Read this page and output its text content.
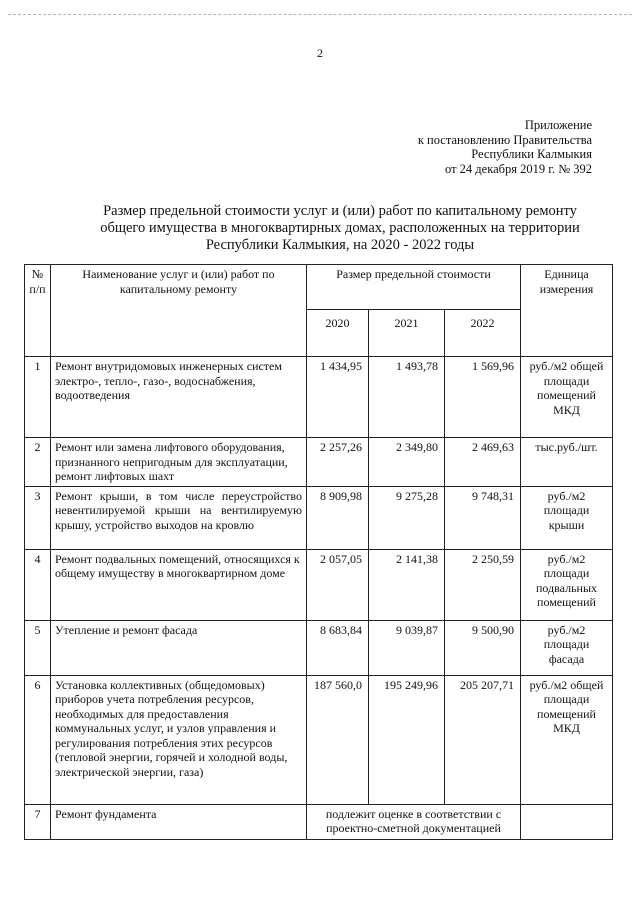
2
Приложение
к постановлению Правительства
Республики Калмыкия
от 24 декабря 2019 г. № 392
Размер предельной стоимости услуг и (или) работ по капитальному ремонту
общего имущества в многоквартирных домах, расположенных на территории
Республики Калмыкия, на 2020 - 2022 годы
№ п/п	Наименование услуг и (или) работ по капитальному ремонту	Размер предельной стоимости			Единица измерения
		2020	2021	2022	
1	Ремонт внутридомовых инженерных систем электро-, тепло-, газо-, водоснабжения, водоотведения	1 434,95	1 493,78	1 569,96	руб./м2 общей площади помещений МКД
2	Ремонт или замена лифтового оборудования, признанного непригодным для эксплуатации, ремонт лифтовых шахт	2 257,26	2 349,80	2 469,63	тыс.руб./шт.
3	Ремонт крыши, в том числе переустройство невентилируемой крыши на вентилируемую крышу, устройство выходов на кровлю	8 909,98	9 275,28	9 748,31	руб./м2 площади крыши
4	Ремонт подвальных помещений, относящихся к общему имуществу в многоквартирном доме	2 057,05	2 141,38	2 250,59	руб./м2 площади подвальных помещений
5	Утепление и ремонт фасада	8 683,84	9 039,87	9 500,90	руб./м2 площади фасада
6	Установка коллективных (общедомовых) приборов учета потребления ресурсов, необходимых для предоставления коммунальных услуг, и узлов управления и регулирования потребления этих ресурсов (тепловой энергии, горячей и холодной воды, электрической энергии, газа)	187 560,0	195 249,96	205 207,71	руб./м2 общей площади помещений МКД
7	Ремонт фундамента	подлежит оценке в соответствии с проектно-сметной документацией			
